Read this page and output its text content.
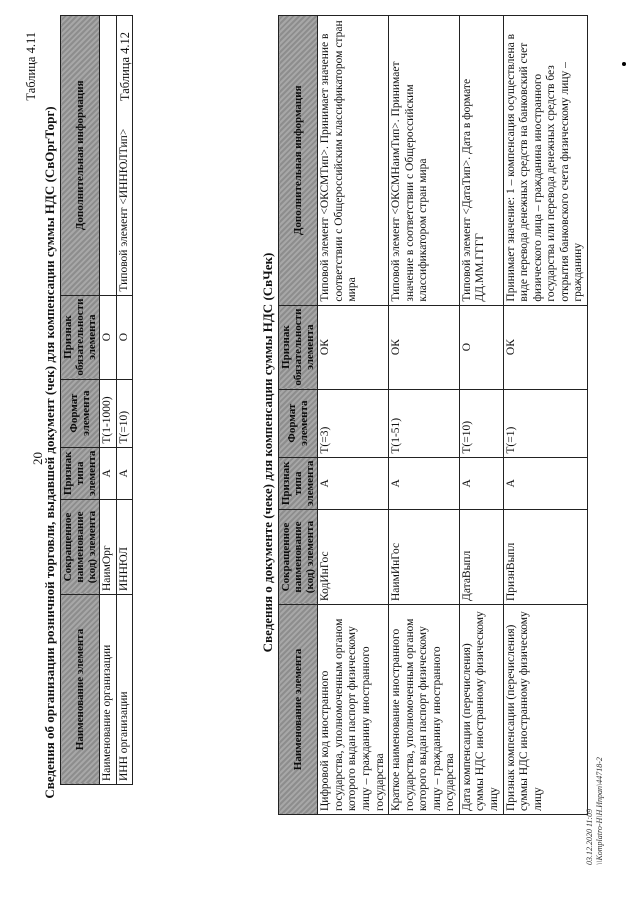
20
Таблица 4.11
Сведения об организации розничной торговли, выдавшей документ (чек) для компенсации суммы НДС (СвОргТорг) Наименование элемента	Сокращенное наименование (код) элемента	Признак типа элемента	Формат элемента	Признак обязательности элемента	Дополнительная информация
Наименование организации	НаимОрг	А	Т(1-1000)	О	
ИНН организации	ИННЮЛ	А	Т(=10)	О	Типовой элемент <ИННЮЛТип>
Таблица 4.12
Сведения о документе (чеке) для компенсации суммы НДС (СвЧек)
Наименование элемента	Сокращенное наименование (код) элемента	Признак типа элемента	Формат элемента	Признак обязательности элемента	Дополнительная информация
Цифровой код иностранного государства, уполномоченным органом которого выдан паспорт физическому лицу – гражданину иностранного государства	КодИнГос	А	Т(=3)	ОК	Типовой элемент <ОКСМТип>. Принимает значение в соответствии с Общероссийским классификатором стран мира
Краткое наименование иностранного государства, уполномоченным органом которого выдан паспорт физическому лицу – гражданину иностранного государства	НаимИнГос	А	Т(1-51)	ОК	Типовой элемент <ОКСМНаимТип>. Принимает значение в соответствии с Общероссийским классификатором стран мира
Дата компенсации (перечисления) суммы НДС иностранному физическому лицу	ДатаВыпл	А	Т(=10)	О	Типовой элемент <ДатаТип>. Дата в формате ДД.ММ.ГГГГ
Признак компенсации (перечисления) суммы НДС иностранному физическому лицу	ПризнВыпл	А	Т(=1)	ОК	Принимает значение: 1 – компенсация осуществлена в виде перевода денежных средств на банковский счет физического лица – гражданина иностранного государства или перевода денежных средств без открытия банковского счета физическому лицу – гражданину
03.12.2020 11:09 \\Komplatro-Н\Н.Ипрап\44718-2
